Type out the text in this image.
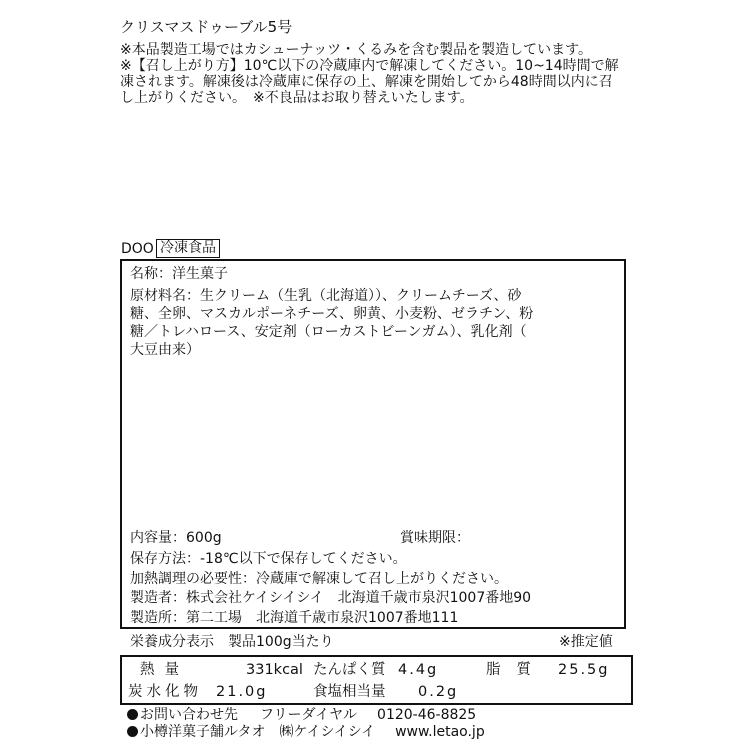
クリスマスドゥーブル5号
※本品製造工場ではカシューナッツ・くるみを含む製品を製造しています。
※【召し上がり方】10℃以下の冷蔵庫内で解凍してください。10~14時間で解
凍されます。解凍後は冷蔵庫に保存の上、解凍を開始してから48時間以内に召
し上がりください。　※不良品はお取り替えいたします。
DOO 冷凍食品
名称：洋生菓子
原材料名：生クリーム（生乳（北海道））、クリームチーズ、砂
糖、全卵、マスカルポーネチーズ、卵黄、小麦粉、ゼラチン、粉
糖／トレハロース、安定剤（ローカストビーンガム）、乳化剤（
大豆由来）
内容量：600g	賞味期限：
保存方法：-18℃以下で保存してください。
加熱調理の必要性：冷蔵庫で解凍して召し上がりください。
製造者：株式会社ケイシイシイ　北海道千歳市泉沢1007番地90
製造所：第二工場　北海道千歳市泉沢1007番地111
栄養成分表示　製品100g当たり	※推定値
熱量	331kcal たんぱく質 4.4g	脂質 25.5g
炭水化物 21.0g	食塩相当量 0.2g
お問い合わせ先 フリーダイヤル 0120-46-8825
小樽洋菓子舗ルタオ ㈱ケイシイシイ www.letao.jp
